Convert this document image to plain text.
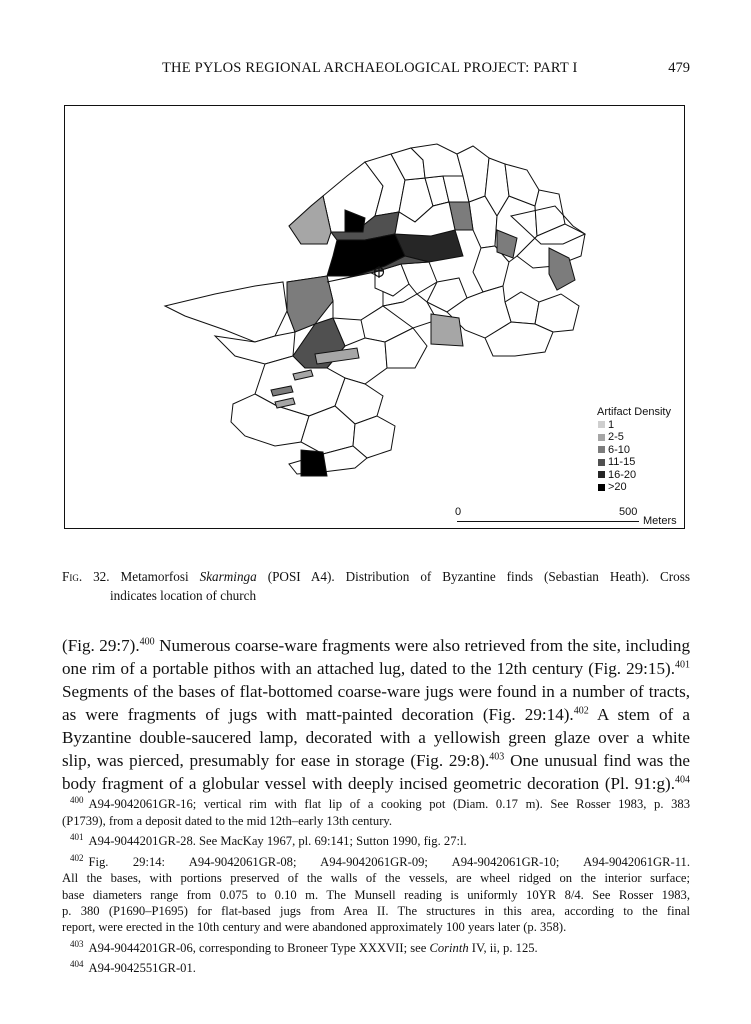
THE PYLOS REGIONAL ARCHAEOLOGICAL PROJECT: PART I	479
Artifact Density
1
2-5
6-10
11-15
16-20
>20
0	500
Meters
Fig. 32. Metamorfosi Skarminga (POSI A4). Distribution of Byzantine finds (Sebastian Heath). Cross
indicates location of church
(Fig. 29:7).$^{400}$ Numerous coarse-ware fragments were also retrieved from the site, including
one rim of a portable pithos with an attached lug, dated to the 12th century (Fig. 29:15).$^{401}$
Segments of the bases of flat-bottomed coarse-ware jugs were found in a number of tracts,
as were fragments of jugs with matt-painted decoration (Fig. 29:14).$^{402}$ A stem of a
Byzantine double-saucered lamp, decorated with a yellowish green glaze over a white
slip, was pierced, presumably for ease in storage (Fig. 29:8).$^{403}$ One unusual find was the
body fragment of a globular vessel with deeply incised geometric decoration (Pl. 91:g).$^{404}$
$^{400}$ A94-9042061GR-16; vertical rim with flat lip of a cooking pot (Diam. 0.17 m). See Rosser 1983, p. 383
(P1739), from a deposit dated to the mid 12th–early 13th century.
$^{401}$ A94-9044201GR-28. See MacKay 1967, pl. 69:141; Sutton 1990, fig. 27:l.
$^{402}$ Fig. 29:14: A94-9042061GR-08; A94-9042061GR-09; A94-9042061GR-10; A94-9042061GR-11.
All the bases, with portions preserved of the walls of the vessels, are wheel ridged on the interior surface;
base diameters range from 0.075 to 0.10 m. The Munsell reading is uniformly 10YR 8/4. See Rosser 1983,
p. 380 (P1690–P1695) for flat-based jugs from Area II. The structures in this area, according to the final
report, were erected in the 10th century and were abandoned approximately 100 years later (p. 358).
$^{403}$ A94-9044201GR-06, corresponding to Broneer Type XXXVII; see Corinth IV, ii, p. 125.
$^{404}$ A94-9042551GR-01.
